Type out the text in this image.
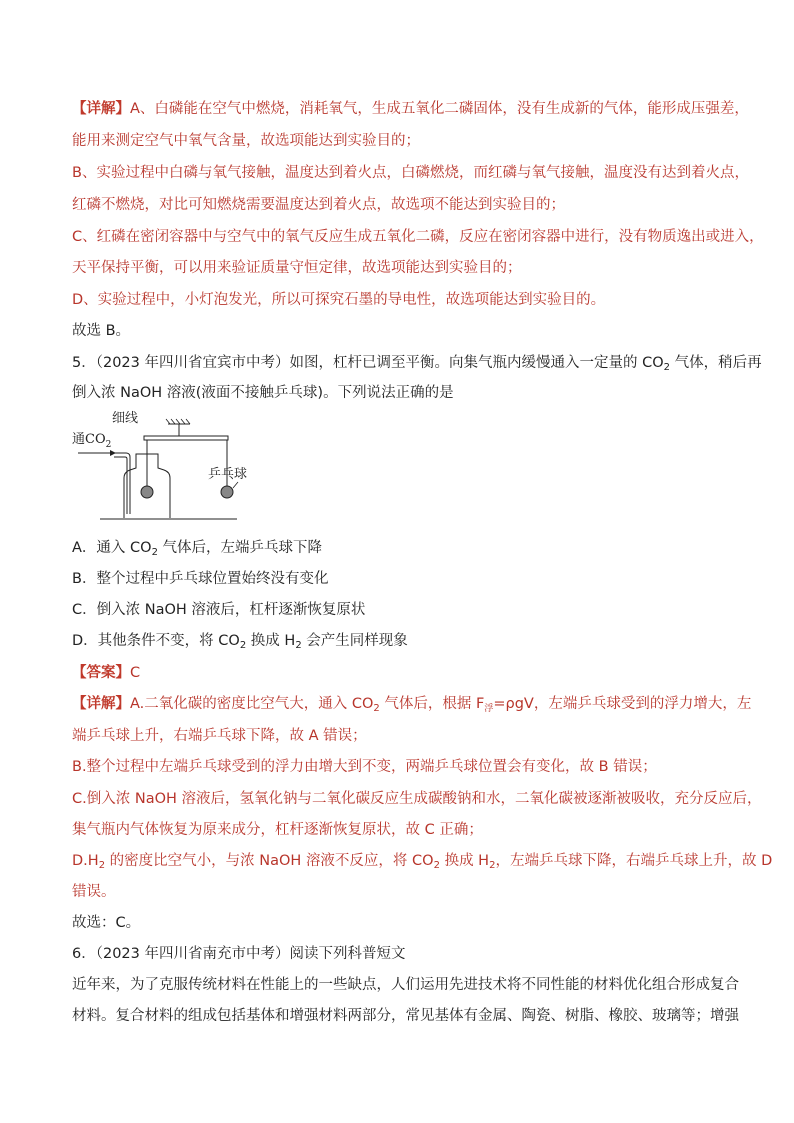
【详解】A、白磷能在空气中燃烧，消耗氧气，生成五氧化二磷固体，没有生成新的气体，能形成压强差，
能用来测定空气中氧气含量，故选项能达到实验目的；
B、实验过程中白磷与氧气接触，温度达到着火点，白磷燃烧，而红磷与氧气接触，温度没有达到着火点，
红磷不燃烧，对比可知燃烧需要温度达到着火点，故选项不能达到实验目的；
C、红磷在密闭容器中与空气中的氧气反应生成五氧化二磷，反应在密闭容器中进行，没有物质逸出或进入，
天平保持平衡，可以用来验证质量守恒定律，故选项能达到实验目的；
D、实验过程中，小灯泡发光，所以可探究石墨的导电性，故选项能达到实验目的。
故选 B。
5．（2023 年四川省宜宾市中考）如图，杠杆已调至平衡。向集气瓶内缓慢通入一定量的 $CO_2$ 气体，稍后再
倒入浓 NaOH 溶液(液面不接触乒乓球)。下列说法正确的是
细线
通$CO_2$
乒乓球
A．通入 $CO_2$ 气体后，左端乒乓球下降
B．整个过程中乒乓球位置始终没有变化
C．倒入浓 NaOH 溶液后，杠杆逐渐恢复原状
D．其他条件不变，将 $CO_2$ 换成 $H_2$ 会产生同样现象
【答案】C
【详解】A.二氧化碳的密度比空气大，通入 $CO_2$ 气体后，根据 $F_浮=\rho gV$，左端乒乓球受到的浮力增大，左
端乒乓球上升，右端乒乓球下降，故 A 错误；
B.整个过程中左端乒乓球受到的浮力由增大到不变，两端乒乓球位置会有变化，故 B 错误；
C.倒入浓 NaOH 溶液后，氢氧化钠与二氧化碳反应生成碳酸钠和水，二氧化碳被逐渐被吸收，充分反应后，
集气瓶内气体恢复为原来成分，杠杆逐渐恢复原状，故 C 正确；
$D.H_2$ 的密度比空气小，与浓 NaOH 溶液不反应，将 $CO_2$ 换成 $H_2$，左端乒乓球下降，右端乒乓球上升，故 D
错误。
故选：C。
6．（2023 年四川省南充市中考）阅读下列科普短文
近年来，为了克服传统材料在性能上的一些缺点，人们运用先进技术将不同性能的材料优化组合形成复合
材料。复合材料的组成包括基体和增强材料两部分，常见基体有金属、陶瓷、树脂、橡胶、玻璃等；增强
